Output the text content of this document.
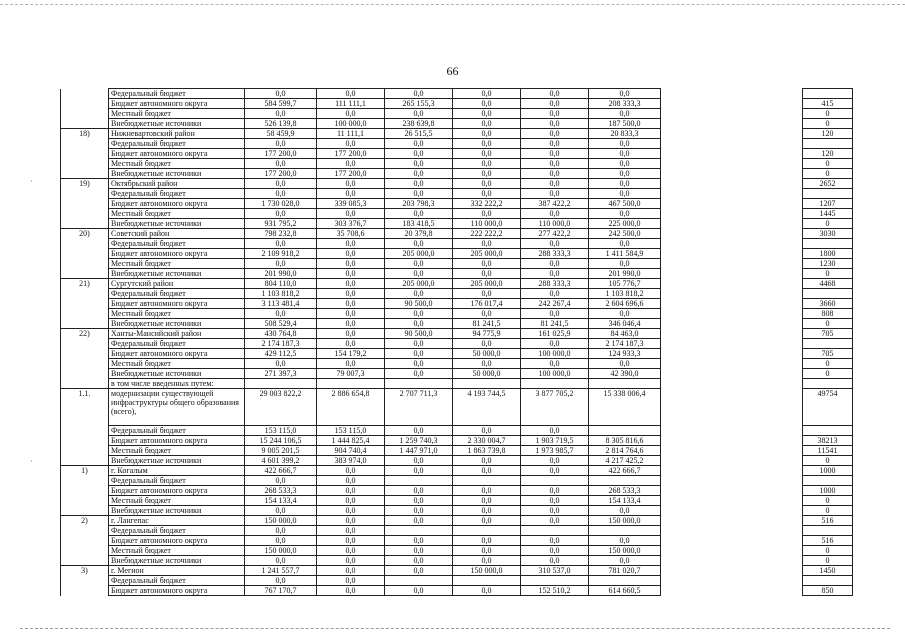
66
·
·
	Федеральный бюджет	0,0	0,0	0,0	0,0	0,0	0,0		
	Бюджет автономного округа	584 599,7	111 111,1	265 155,3	0,0	0,0	208 333,3		415
	Местный бюджет	0,0	0,0	0,0	0,0	0,0	0,0		0
	Внебюджетные источники	526 139,8	100 000,0	238 639,8	0,0	0,0	187 500,0		0
18)	Нижневартовский район	58 459,9	11 111,1	26 515,5	0,0	0,0	20 833,3		120
	Федеральный бюджет	0,0	0,0	0,0	0,0	0,0	0,0		
	Бюджет автономного округа	177 200,0	177 200,0	0,0	0,0	0,0	0,0		120
	Местный бюджет	0,0	0,0	0,0	0,0	0,0	0,0		0
	Внебюджетные источники	177 200,0	177 200,0	0,0	0,0	0,0	0,0		0
19)	Октябрьский район	0,0	0,0	0,0	0,0	0,0	0,0		2652
	Федеральный бюджет	0,0	0,0	0,0	0,0	0,0	0,0		
	Бюджет автономного округа	1 730 028,0	339 085,3	203 798,3	332 222,2	387 422,2	467 500,0		1207
	Местный бюджет	0,0	0,0	0,0	0,0	0,0	0,0		1445
	Внебюджетные источники	931 795,2	303 376,7	183 418,5	110 000,0	110 000,0	225 000,0		0
20)	Советский район	798 232,8	35 708,6	20 379,8	222 222,2	277 422,2	242 500,0		3030
	Федеральный бюджет	0,0	0,0	0,0	0,0	0,0	0,0		
	Бюджет автономного округа	2 109 918,2	0,0	205 000,0	205 000,0	288 333,3	1 411 584,9		1800
	Местный бюджет	0,0	0,0	0,0	0,0	0,0	0,0		1230
	Внебюджетные источники	201 990,0	0,0	0,0	0,0	0,0	201 990,0		0
21)	Сургутский район	804 110,0	0,0	205 000,0	205 000,0	288 333,3	105 776,7		4468
	Федеральный бюджет	1 103 818,2	0,0	0,0	0,0	0,0	1 103 818,2		
	Бюджет автономного округа	3 113 481,4	0,0	90 500,0	176 017,4	242 267,4	2 604 696,6		3660
	Местный бюджет	0,0	0,0	0,0	0,0	0,0	0,0		808
	Внебюджетные источники	508 529,4	0,0	0,0	81 241,5	81 241,5	346 046,4		0
22)	Ханты-Мансийский район	430 764,8	0,0	90 500,0	94 775,9	161 025,9	84 463,0		705
	Федеральный бюджет	2 174 187,3	0,0	0,0	0,0	0,0	2 174 187,3		
	Бюджет автономного округа	429 112,5	154 179,2	0,0	50 000,0	100 000,0	124 933,3		705
	Местный бюджет	0,0	0,0	0,0	0,0	0,0	0,0		0
	Внебюджетные источники	271 397,3	79 007,3	0,0	50 000,0	100 000,0	42 390,0		0
	в том числе введенных путем:								
1.1.	модернизации существующей инфраструктуры общего образования (всего),	29 003 822,2	2 886 654,8	2 707 711,3	4 193 744,5	3 877 705,2	15 338 006,4		49754
	Федеральный бюджет	153 115,0	153 115,0	0,0	0,0	0,0			
	Бюджет автономного округа	15 244 106,5	1 444 825,4	1 259 740,3	2 330 004,7	1 903 719,5	8 305 816,6		38213
	Местный бюджет	9 005 201,5	904 740,4	1 447 971,0	1 863 739,8	1 973 985,7	2 814 764,6		11541
	Внебюджетные источники	4 601 399,2	383 974,0	0,0	0,0	0,0	4 217 425,2		0
1)	г. Когалым	422 666,7	0,0	0,0	0,0	0,0	422 666,7		1000
	Федеральный бюджет	0,0	0,0						
	Бюджет автономного округа	268 533,3	0,0	0,0	0,0	0,0	268 533,3		1000
	Местный бюджет	154 133,4	0,0	0,0	0,0	0,0	154 133,4		0
	Внебюджетные источники	0,0	0,0	0,0	0,0	0,0	0,0		0
2)	г. Лангепас	150 000,0	0,0	0,0	0,0	0,0	150 000,0		516
	Федеральный бюджет	0,0	0,0						
	Бюджет автономного округа	0,0	0,0	0,0	0,0	0,0	0,0		516
	Местный бюджет	150 000,0	0,0	0,0	0,0	0,0	150 000,0		0
	Внебюджетные источники	0,0	0,0	0,0	0,0	0,0	0,0		0
3)	г. Мегион	1 241 557,7	0,0	0,0	150 000,0	310 537,0	781 020,7		1450
	Федеральный бюджет	0,0	0,0						
	Бюджет автономного округа	767 170,7	0,0	0,0	0,0	152 510,2	614 660,5		850
